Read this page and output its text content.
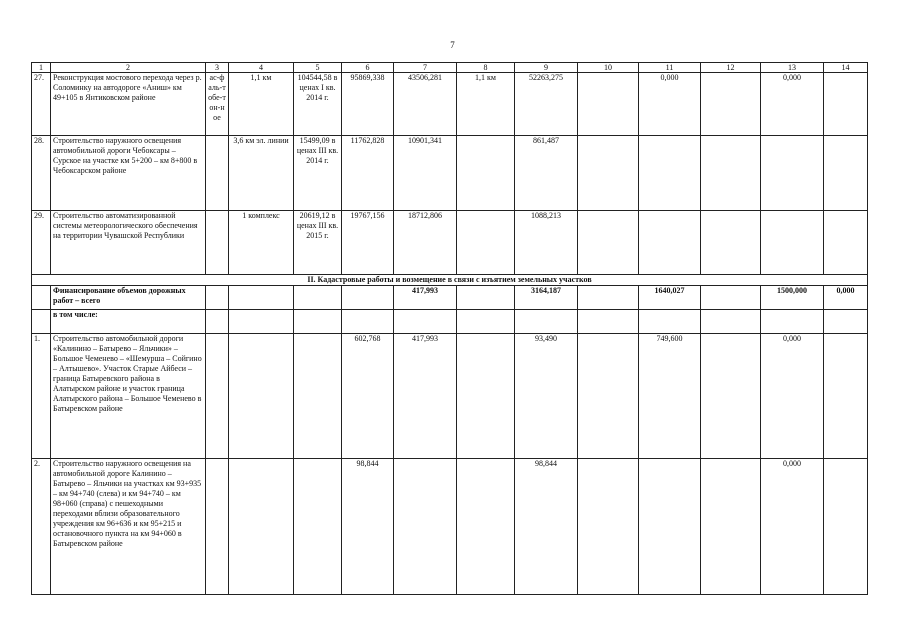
7
1	2	3	4	5	6	7	8	9	10	11	12	13	14
27.	Реконструкция мостового перехода через р. Соломинку на автодороге «Аниш» км 49+105 в Янтиковском районе	ас-фаль-тобе-тон-ное	1,1 км	104544,58 в ценах I кв. 2014 г.	95869,338	43506,281	1,1 км	52263,275		0,000		0,000	
28.	Строительство наружного освещения автомобильной дороги Чебоксары – Сурское на участке км 5+200 – км 8+800 в Чебоксарском районе		3,6 км эл. линии	15499,09 в ценах III кв. 2014 г.	11762,828	10901,341		861,487					
29.	Строительство автоматизированной системы метеорологического обеспечения на территории Чувашской Республики		1 комплекс	20619,12 в ценах III кв. 2015 г.	19767,156	18712,806		1088,213					
II. Кадастровые работы и возмещение в связи с изъятием земельных участков													
	Финансирование объемов дорожных работ – всего					417,993		3164,187		1640,027		1500,000	0,000
	в том числе:												
1.	Строительство автомобильной дороги «Калинино – Батырево – Яльчики» – Большое Чеменево – «Шемурша – Сойгино – Алтышево». Участок Старые Айбеси – граница Батыревского района в Алатырском районе и участок граница Алатырского района – Большое Чеменево в Батыревском районе				602,768	417,993		93,490		749,600		0,000	
2.	Строительство наружного освещения на автомобильной дороге Калинино – Батырево – Яльчики на участках км 93+935 – км 94+740 (слева) и км 94+740 – км 98+060 (справа) с пешеходными переходами вблизи образовательного учреждения км 96+636 и км 95+215 и остановочного пункта на км 94+060 в Батыревском районе				98,844			98,844				0,000	
